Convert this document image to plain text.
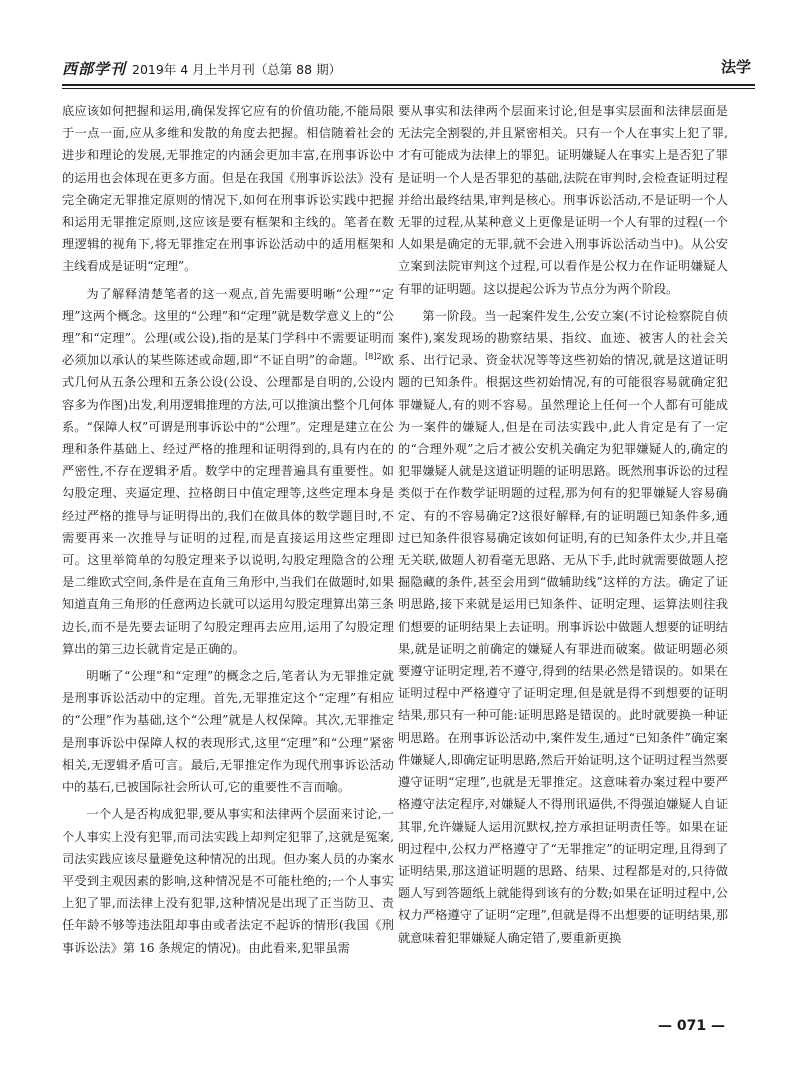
西部学刊 2019年 4 月上半月刊（总第 88 期）	法学

底应该如何把握和运用,确保发挥它应有的价值功能,不能局限于一点一面,应从多维和发散的角度去把握。相信随着社会的进步和理论的发展,无罪推定的内涵会更加丰富,在刑事诉讼中的运用也会体现在更多方面。但是在我国《刑事诉讼法》没有完全确定无罪推定原则的情况下,如何在刑事诉讼实践中把握和运用无罪推定原则,这应该是要有框架和主线的。笔者在数理逻辑的视角下,将无罪推定在刑事诉讼活动中的适用框架和主线看成是证明“定理”。

为了解释清楚笔者的这一观点,首先需要明晰“公理”“定理”这两个概念。这里的“公理”和“定理”就是数学意义上的“公理”和“定理”。公理(或公设),指的是某门学科中不需要证明而必须加以承认的某些陈述或命题,即“不证自明”的命题。$^{[8]2}$欧式几何从五条公理和五条公设(公设、公理都是自明的,公设内容多为作图)出发,利用逻辑推理的方法,可以推演出整个几何体系。“保障人权”可谓是刑事诉讼中的“公理”。定理是建立在公理和条件基础上、经过严格的推理和证明得到的,具有内在的严密性,不存在逻辑矛盾。数学中的定理普遍具有重要性。如勾股定理、夹逼定理、拉格朗日中值定理等,这些定理本身是经过严格的推导与证明得出的,我们在做具体的数学题目时,不需要再来一次推导与证明的过程,而是直接运用这些定理即可。这里举简单的勾股定理来予以说明,勾股定理隐含的公理是二维欧式空间,条件是在直角三角形中,当我们在做题时,如果知道直角三角形的任意两边长就可以运用勾股定理算出第三条边长,而不是先要去证明了勾股定理再去应用,运用了勾股定理算出的第三边长就肯定是正确的。

明晰了“公理”和“定理”的概念之后,笔者认为无罪推定就是刑事诉讼活动中的定理。首先,无罪推定这个“定理”有相应的“公理”作为基础,这个“公理”就是人权保障。其次,无罪推定是刑事诉讼中保障人权的表现形式,这里“定理”和“公理”紧密相关,无逻辑矛盾可言。最后,无罪推定作为现代刑事诉讼活动中的基石,已被国际社会所认可,它的重要性不言而喻。

一个人是否构成犯罪,要从事实和法律两个层面来讨论,一个人事实上没有犯罪,而司法实践上却判定犯罪了,这就是冤案,司法实践应该尽量避免这种情况的出现。但办案人员的办案水平受到主观因素的影响,这种情况是不可能杜绝的;一个人事实上犯了罪,而法律上没有犯罪,这种情况是出现了正当防卫、责任年龄不够等违法阻却事由或者法定不起诉的情形(我国《刑事诉讼法》第 16 条规定的情况)。由此看来,犯罪虽需

要从事实和法律两个层面来讨论,但是事实层面和法律层面是无法完全割裂的,并且紧密相关。只有一个人在事实上犯了罪,才有可能成为法律上的罪犯。证明嫌疑人在事实上是否犯了罪是证明一个人是否罪犯的基础,法院在审判时,会检查证明过程并给出最终结果,审判是核心。刑事诉讼活动,不是证明一个人无罪的过程,从某种意义上更像是证明一个人有罪的过程(一个人如果是确定的无罪,就不会进入刑事诉讼活动当中)。从公安立案到法院审判这个过程,可以看作是公权力在作证明嫌疑人有罪的证明题。这以提起公诉为节点分为两个阶段。

第一阶段。当一起案件发生,公安立案(不讨论检察院自侦案件),案发现场的勘察结果、指纹、血迹、被害人的社会关系、出行记录、资金状况等等这些初始的情况,就是这道证明题的已知条件。根据这些初始情况,有的可能很容易就确定犯罪嫌疑人,有的则不容易。虽然理论上任何一个人都有可能成为一案件的嫌疑人,但是在司法实践中,此人肯定是有了一定的“合理外观”之后才被公安机关确定为犯罪嫌疑人的,确定的犯罪嫌疑人就是这道证明题的证明思路。既然刑事诉讼的过程类似于在作数学证明题的过程,那为何有的犯罪嫌疑人容易确定、有的不容易确定?这很好解释,有的证明题已知条件多,通过已知条件很容易确定该如何证明,有的已知条件太少,并且毫无关联,做题人初看毫无思路、无从下手,此时就需要做题人挖掘隐藏的条件,甚至会用到“做辅助线”这样的方法。确定了证明思路,接下来就是运用已知条件、证明定理、运算法则往我们想要的证明结果上去证明。刑事诉讼中做题人想要的证明结果,就是证明之前确定的嫌疑人有罪进而破案。做证明题必须要遵守证明定理,若不遵守,得到的结果必然是错误的。如果在证明过程中严格遵守了证明定理,但是就是得不到想要的证明结果,那只有一种可能:证明思路是错误的。此时就要换一种证明思路。在刑事诉讼活动中,案件发生,通过“已知条件”确定案件嫌疑人,即确定证明思路,然后开始证明,这个证明过程当然要遵守证明“定理”,也就是无罪推定。这意味着办案过程中要严格遵守法定程序,对嫌疑人不得刑讯逼供,不得强迫嫌疑人自证其罪,允许嫌疑人运用沉默权,控方承担证明责任等。如果在证明过程中,公权力严格遵守了“无罪推定”的证明定理,且得到了证明结果,那这道证明题的思路、结果、过程都是对的,只待做题人写到答题纸上就能得到该有的分数;如果在证明过程中,公权力严格遵守了证明“定理”,但就是得不出想要的证明结果,那就意味着犯罪嫌疑人确定错了,要重新更换

— 071 —
